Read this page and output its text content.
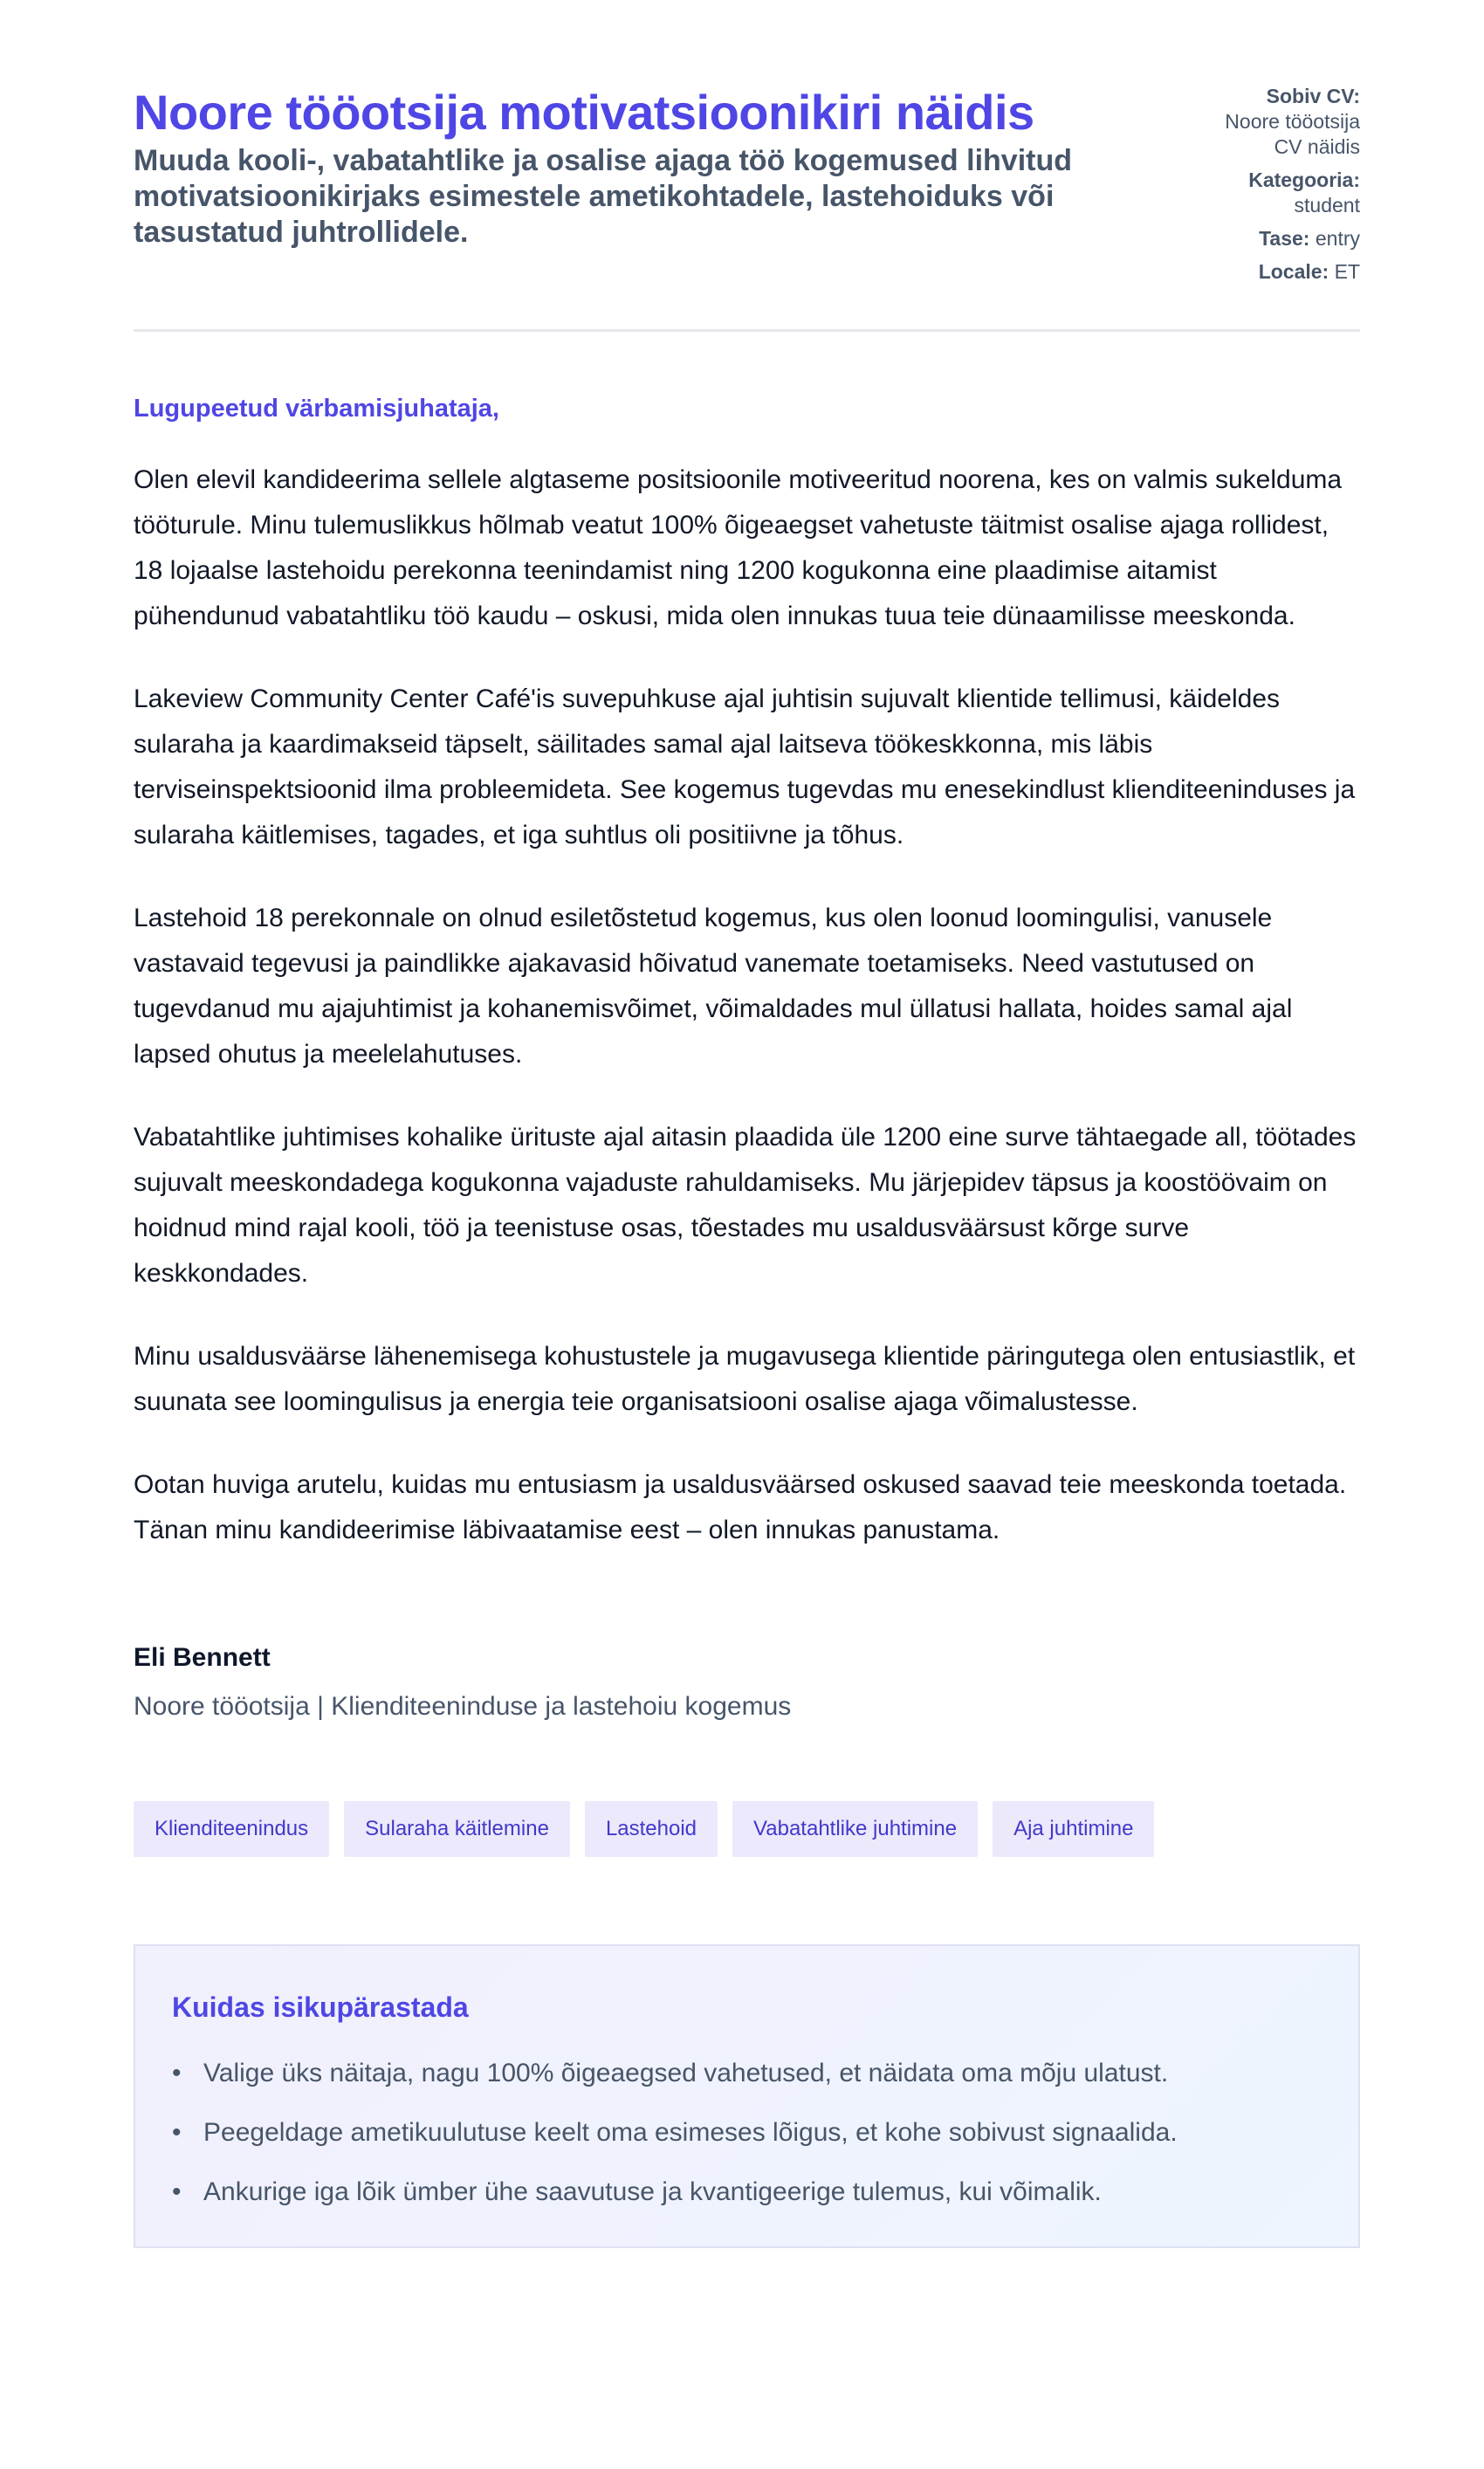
Noore tööotsija motivatsioonikiri näidis

Muuda kooli-, vabatahtlike ja osalise ajaga töö kogemused lihvitud motivatsioonikirjaks esimestele ametikohtadele, lastehoiduks või tasustatud juhtrollidele.

Sobiv CV:
Noore tööotsija CV näidis
Kategooria:
student
Tase: entry
Locale: ET

Lugupeetud värbamisjuhataja,

Olen elevil kandideerima sellele algtaseme positsioonile motiveeritud noorena, kes on valmis sukelduma tööturule. Minu tulemuslikkus hõlmab veatut 100% õigeaegset vahetuste täitmist osalise ajaga rollidest, 18 lojaalse lastehoidu perekonna teenindamist ning 1200 kogukonna eine plaadimise aitamist pühendunud vabatahtliku töö kaudu – oskusi, mida olen innukas tuua teie dünaamilisse meeskonda.

Lakeview Community Center Café'is suvepuhkuse ajal juhtisin sujuvalt klientide tellimusi, käideldes sularaha ja kaardimakseid täpselt, säilitades samal ajal laitseva töökeskkonna, mis läbis terviseinspektsioonid ilma probleemideta. See kogemus tugevdas mu enesekindlust klienditeeninduses ja sularaha käitlemises, tagades, et iga suhtlus oli positiivne ja tõhus.

Lastehoid 18 perekonnale on olnud esiletõstetud kogemus, kus olen loonud loomingulisi, vanusele vastavaid tegevusi ja paindlikke ajakavasid hõivatud vanemate toetamiseks. Need vastutused on tugevdanud mu ajajuhtimist ja kohanemisvõimet, võimaldades mul üllatusi hallata, hoides samal ajal lapsed ohutus ja meelelahutuses.

Vabatahtlike juhtimises kohalike ürituste ajal aitasin plaadida üle 1200 eine surve tähtaegade all, töötades sujuvalt meeskondadega kogukonna vajaduste rahuldamiseks. Mu järjepidev täpsus ja koostöövaim on hoidnud mind rajal kooli, töö ja teenistuse osas, tõestades mu usaldusväärsust kõrge surve keskkondades.

Minu usaldusväärse lähenemisega kohustustele ja mugavusega klientide päringutega olen entusiastlik, et suunata see loomingulisus ja energia teie organisatsiooni osalise ajaga võimalustesse.

Ootan huviga arutelu, kuidas mu entusiasm ja usaldusväärsed oskused saavad teie meeskonda toetada. Tänan minu kandideerimise läbivaatamise eest – olen innukas panustama.

Eli Bennett
Noore tööotsija | Klienditeeninduse ja lastehoiu kogemus
Klienditeenindus	Sularaha käitlemine	Lastehoid	Vabatahtlike juhtimine	Aja juhtimine
Kuidas isikupärastada
• Valige üks näitaja, nagu 100% õigeaegsed vahetused, et näidata oma mõju ulatust.
• Peegeldage ametikuulutuse keelt oma esimeses lõigus, et kohe sobivust signaalida.
• Ankurige iga lõik ümber ühe saavutuse ja kvantigeerige tulemus, kui võimalik.
